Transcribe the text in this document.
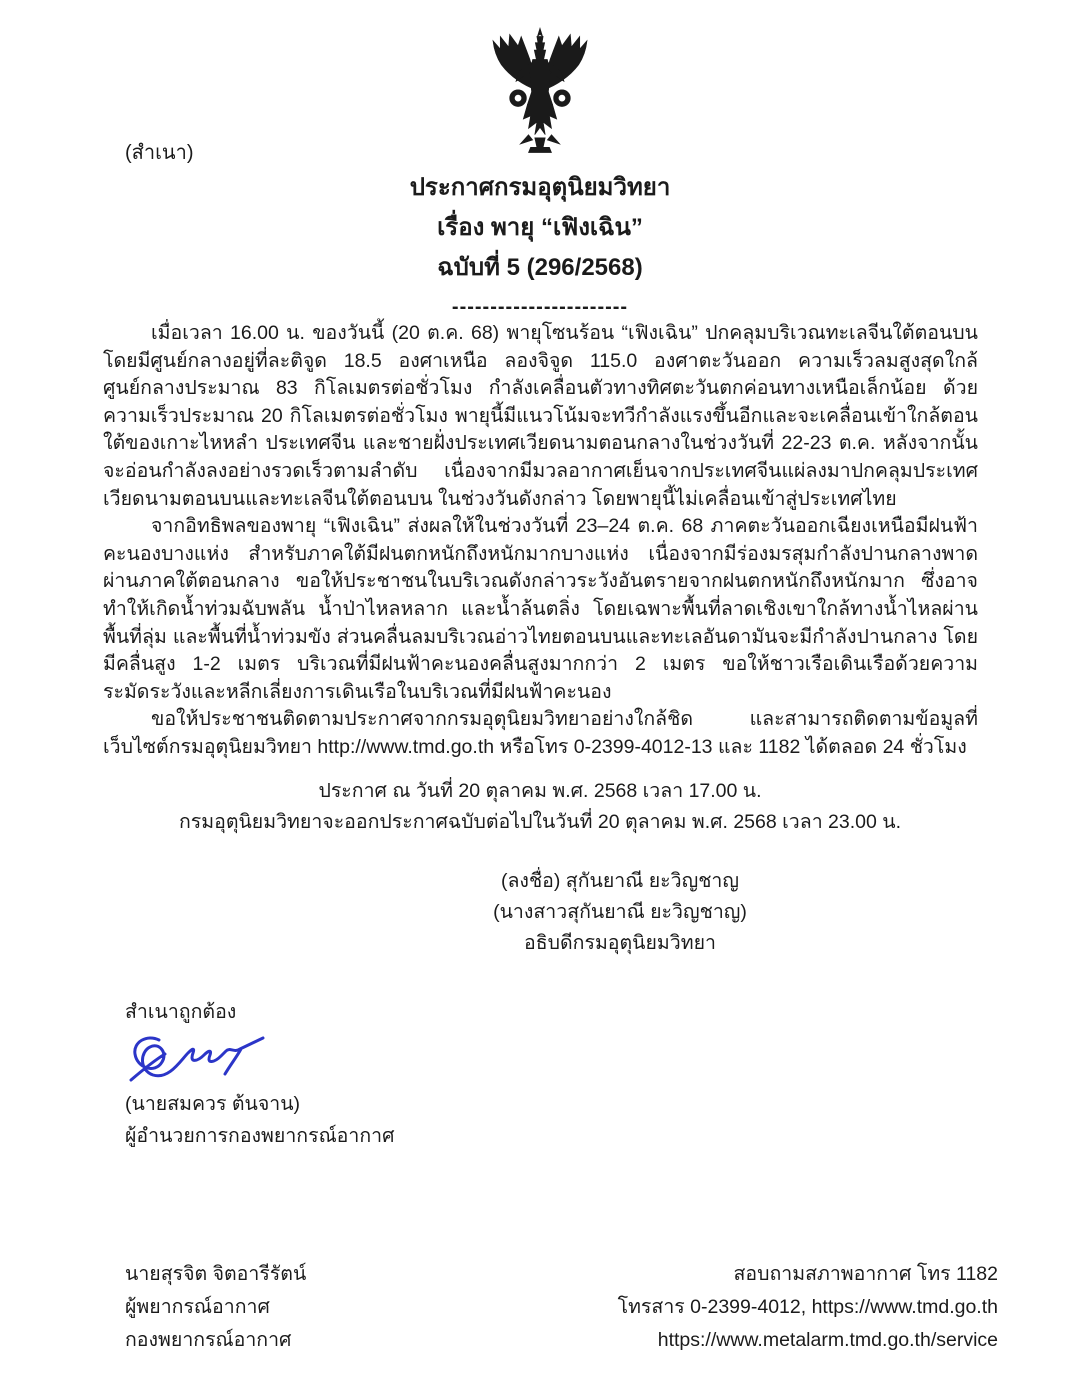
(สำเนา)
ประกาศกรมอุตุนิยมวิทยา
เรื่อง พายุ “เฟิงเฉิน”
ฉบับที่ 5 (296/2568)
-----------------------

เมื่อเวลา 16.00 น. ของวันนี้ (20 ต.ค. 68) พายุโซนร้อน “เฟิงเฉิน” ปกคลุมบริเวณทะเลจีนใต้ตอนบน โดยมีศูนย์กลางอยู่ที่ละติจูด 18.5 องศาเหนือ ลองจิจูด 115.0 องศาตะวันออก ความเร็วลมสูงสุดใกล้ศูนย์กลางประมาณ 83 กิโลเมตรต่อชั่วโมง กำลังเคลื่อนตัวทางทิศตะวันตกค่อนทางเหนือเล็กน้อย ด้วยความเร็วประมาณ 20 กิโลเมตรต่อชั่วโมง พายุนี้มีแนวโน้มจะทวีกำลังแรงขึ้นอีกและจะเคลื่อนเข้าใกล้ตอนใต้ของเกาะไหหลำ ประเทศจีน และชายฝั่งประเทศเวียดนามตอนกลางในช่วงวันที่ 22-23 ต.ค. หลังจากนั้นจะอ่อนกำลังลงอย่างรวดเร็วตามลำดับ เนื่องจากมีมวลอากาศเย็นจากประเทศจีนแผ่ลงมาปกคลุมประเทศเวียดนามตอนบนและทะเลจีนใต้ตอนบน ในช่วงวันดังกล่าว โดยพายุนี้ไม่เคลื่อนเข้าสู่ประเทศไทย

จากอิทธิพลของพายุ “เฟิงเฉิน” ส่งผลให้ในช่วงวันที่ 23–24 ต.ค. 68 ภาคตะวันออกเฉียงเหนือมีฝนฟ้าคะนองบางแห่ง สำหรับภาคใต้มีฝนตกหนักถึงหนักมากบางแห่ง เนื่องจากมีร่องมรสุมกำลังปานกลางพาดผ่านภาคใต้ตอนกลาง ขอให้ประชาชนในบริเวณดังกล่าวระวังอันตรายจากฝนตกหนักถึงหนักมาก ซึ่งอาจทำให้เกิดน้ำท่วมฉับพลัน น้ำป่าไหลหลาก และน้ำล้นตลิ่ง โดยเฉพาะพื้นที่ลาดเชิงเขาใกล้ทางน้ำไหลผ่าน พื้นที่ลุ่ม และพื้นที่น้ำท่วมขัง ส่วนคลื่นลมบริเวณอ่าวไทยตอนบนและทะเลอันดามันจะมีกำลังปานกลาง โดยมีคลื่นสูง 1-2 เมตร บริเวณที่มีฝนฟ้าคะนองคลื่นสูงมากกว่า 2 เมตร ขอให้ชาวเรือเดินเรือด้วยความระมัดระวังและหลีกเลี่ยงการเดินเรือในบริเวณที่มีฝนฟ้าคะนอง

ขอให้ประชาชนติดตามประกาศจากกรมอุตุนิยมวิทยาอย่างใกล้ชิด และสามารถติดตามข้อมูลที่เว็บไซต์กรมอุตุนิยมวิทยา http://www.tmd.go.th หรือโทร 0-2399-4012-13 และ 1182 ได้ตลอด 24 ชั่วโมง

ประกาศ ณ วันที่ 20 ตุลาคม พ.ศ. 2568 เวลา 17.00 น.
กรมอุตุนิยมวิทยาจะออกประกาศฉบับต่อไปในวันที่ 20 ตุลาคม พ.ศ. 2568 เวลา 23.00 น.
(ลงชื่อ) สุกันยาณี ยะวิญชาญ
(นางสาวสุกันยาณี ยะวิญชาญ)
อธิบดีกรมอุตุนิยมวิทยา
สำเนาถูกต้อง
(นายสมควร ต้นจาน)
ผู้อำนวยการกองพยากรณ์อากาศ
นายสุรจิต จิตอารีรัตน์
ผู้พยากรณ์อากาศ
กองพยากรณ์อากาศ
สอบถามสภาพอากาศ โทร 1182
โทรสาร 0-2399-4012, https://www.tmd.go.th
https://www.metalarm.tmd.go.th/service
